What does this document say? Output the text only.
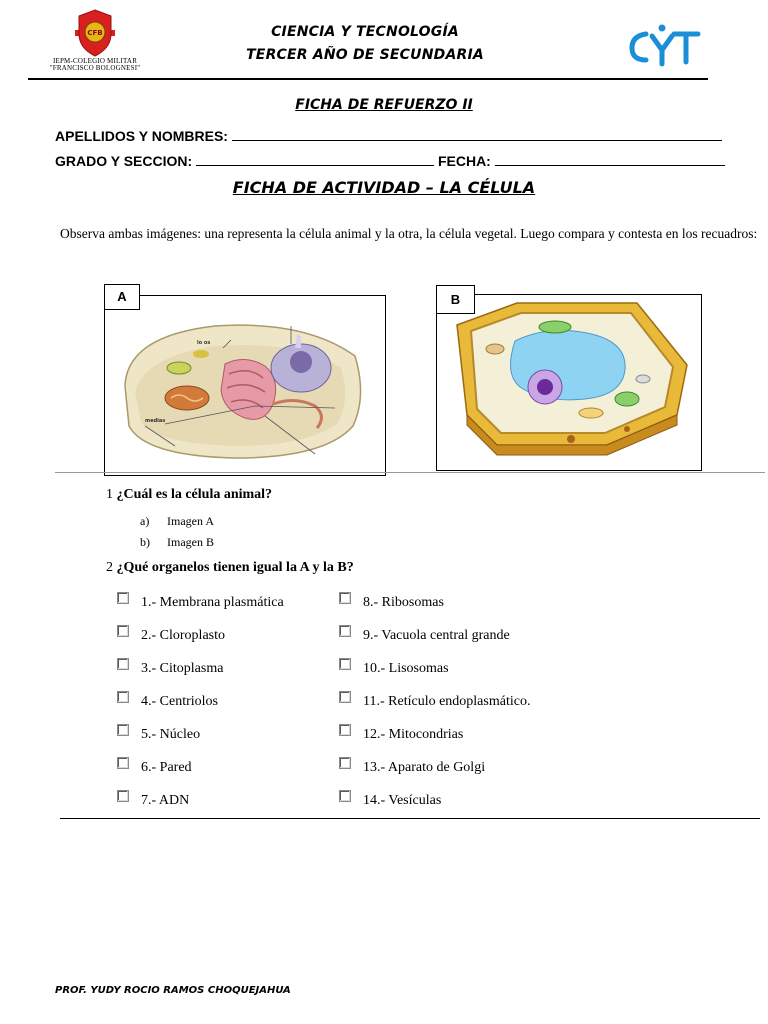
CFB
IEPM-COLEGIO MILITAR
"FRANCISCO BOLOGNESI"
CIENCIA Y TECNOLOGÍA
TERCER AÑO DE SECUNDARIA
FICHA DE REFUERZO II
APELLIDOS Y NOMBRES:
GRADO Y SECCION:	FECHA:
FICHA DE ACTIVIDAD – LA CÉLULA
Observa ambas imágenes: una representa la célula animal y la otra, la célula vegetal. Luego compara y contesta en los recuadros:
lo os
medias
A	B
1 ¿Cuál es la célula animal?
a) Imagen A
b) Imagen B
2 ¿Qué organelos tienen igual la A y la B?
1.- Membrana plasmática
2.- Cloroplasto
3.- Citoplasma
4.- Centriolos
5.- Núcleo
6.- Pared
7.- ADN
8.- Ribosomas
9.- Vacuola central grande
10.- Lisosomas
11.- Retículo endoplasmático.
12.- Mitocondrias
13.- Aparato de Golgi
14.- Vesículas
PROF. YUDY ROCIO RAMOS CHOQUEJAHUA
